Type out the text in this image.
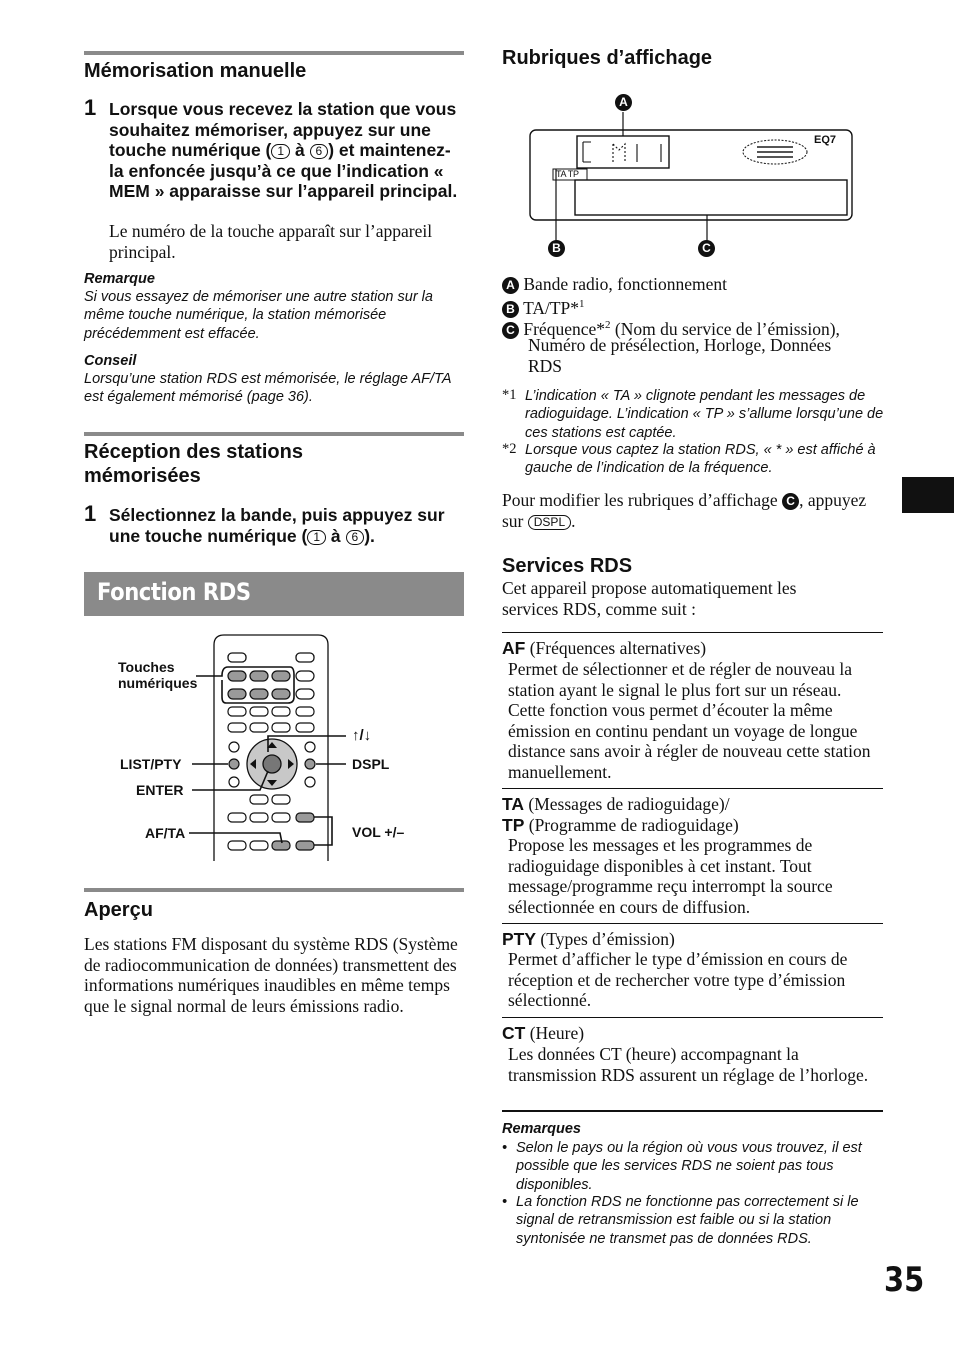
Mémorisation manuelle
1 Lorsque vous recevez la station que vous souhaitez mémoriser, appuyez sur une touche numérique ( 1 à 6 ) et maintenez-la enfoncée jusqu’à ce que l’indication « MEM » apparaisse sur l’appareil principal.
Le numéro de la touche apparaît sur l’appareil principal.
Remarque
Si vous essayez de mémoriser une autre station sur la même touche numérique, la station mémorisée précédemment est effacée.
Conseil
Lorsqu’une station RDS est mémorisée, le réglage AF/TA est également mémorisé (page 36).
Réception des stations
mémorisées
1 Sélectionnez la bande, puis appuyez sur une touche numérique ( 1 à 6 ).
Fonction RDS
Touches
numériques
LIST/PTY
ENTER
AF/TA
↑/↓
DSPL
VOL +/–
Aperçu
Les stations FM disposant du système RDS (Système de radiocommunication de données) transmettent des informations numériques inaudibles en même temps que le signal normal de leurs émissions radio.
Rubriques d’affichage
TA TP
EQ7
A
B	C
A Bande radio, fonctionnement
B TA/TP*$^1$
C Fréquence*$^2$ (Nom du service de l’émission),
Numéro de présélection, Horloge, Données
RDS
*1 L’indication « TA » clignote pendant les messages de radioguidage. L’indication « TP » s’allume lorsqu’une de ces stations est captée.
*2 Lorsque vous captez la station RDS, « * » est affiché à gauche de l’indication de la fréquence.
Pour modifier les rubriques d’affichage C , appuyez sur DSPL .
Services RDS
Cet appareil propose automatiquement les services RDS, comme suit :
AF (Fréquences alternatives)
Permet de sélectionner et de régler de nouveau la station ayant le signal le plus fort sur un réseau. Cette fonction vous permet d’écouter la même émission en continu pendant un voyage de longue distance sans avoir à régler de nouveau cette station manuellement.
TA (Messages de radioguidage)/
TP (Programme de radioguidage)
Propose les messages et les programmes de radioguidage disponibles à cet instant. Tout message/programme reçu interrompt la source sélectionnée en cours de diffusion.
PTY (Types d’émission)
Permet d’afficher le type d’émission en cours de réception et de rechercher votre type d’émission sélectionné.
CT (Heure)
Les données CT (heure) accompagnant la transmission RDS assurent un réglage de l’horloge.
Remarques
• Selon le pays ou la région où vous vous trouvez, il est possible que les services RDS ne soient pas tous disponibles.
• La fonction RDS ne fonctionne pas correctement si le signal de retransmission est faible ou si la station syntonisée ne transmet pas de données RDS.
35
